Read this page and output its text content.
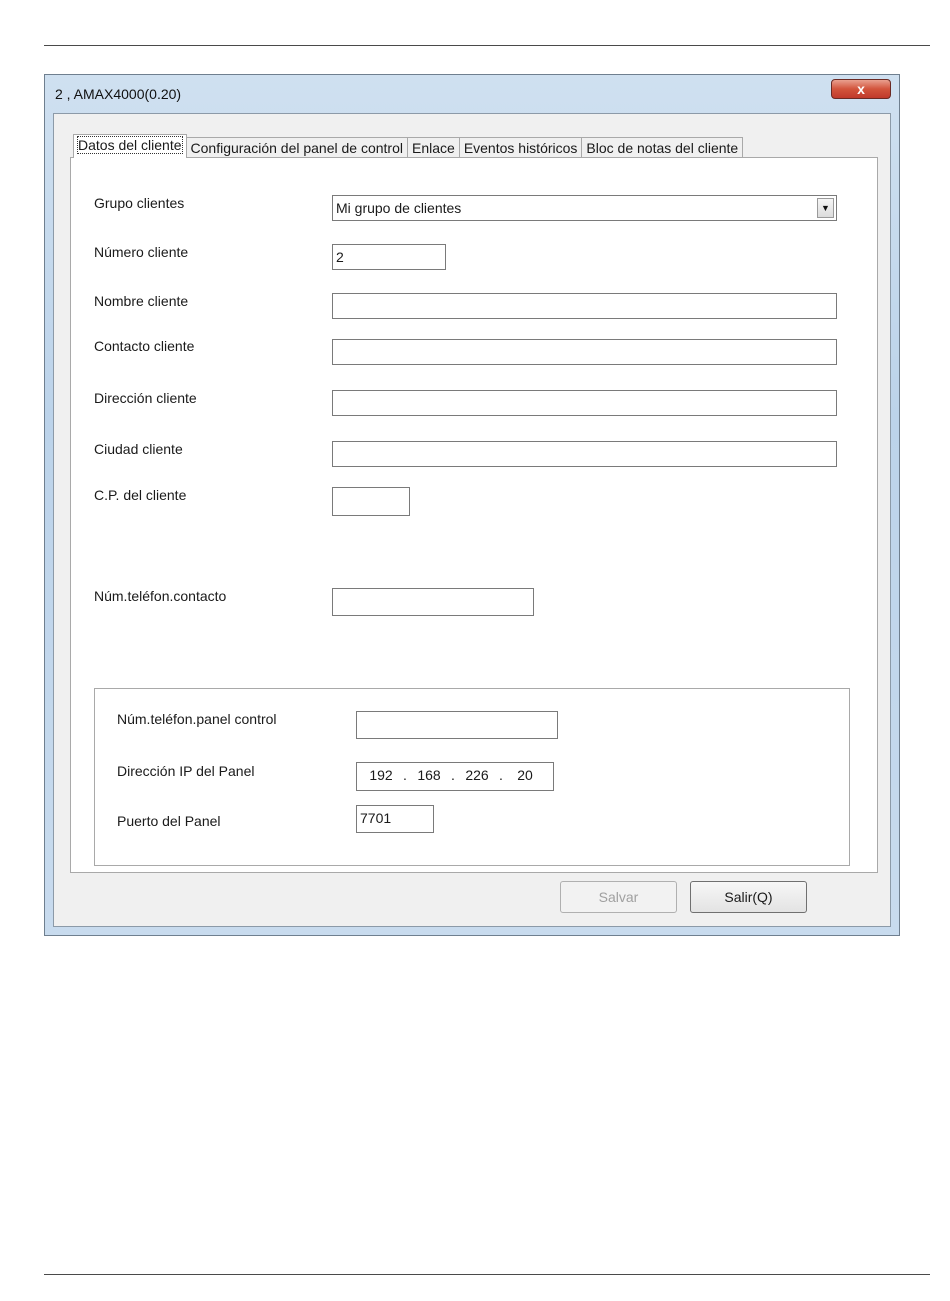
2 , AMAX4000(0.20)	x
Datos del cliente Configuración del panel de control Enlace Eventos históricos Bloc de notas del cliente
Grupo clientes	Mi grupo de clientes	▼
Número cliente	2
Nombre cliente
Contacto cliente
Dirección cliente
Ciudad cliente
C.P. del cliente
Núm.teléfon.contacto
Núm.teléfon.panel control
Dirección IP del Panel	192 . 168 . 226 . 20
Puerto del Panel	7701
Salvar	Salir(Q)
